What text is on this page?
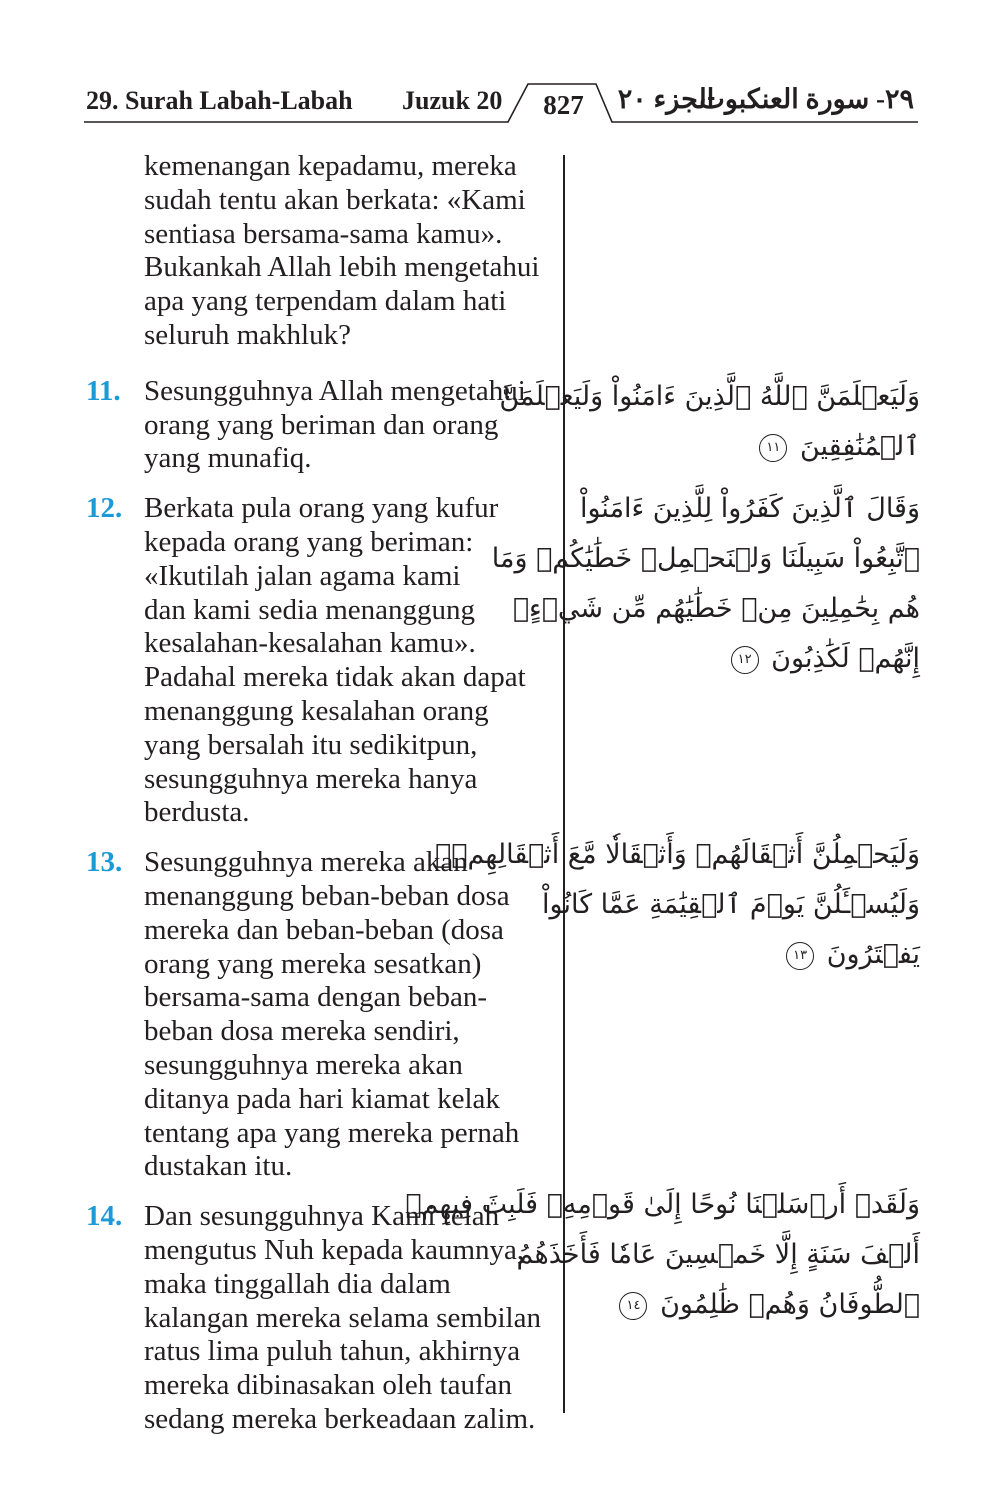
29. Surah Labah-Labah Juzuk 20	827	الجزء ٢٠
٢٩- سورة العنكبوت
kemenangan kepadamu, mereka
sudah tentu akan berkata: «Kami
sentiasa bersama-sama kamu».
Bukankah Allah lebih mengetahui
apa yang terpendam dalam hati
seluruh makhluk?
11. Sesungguhnya Allah mengetahui
orang yang beriman dan orang
yang munafiq.
12. Berkata pula orang yang kufur
kepada orang yang beriman:
«Ikutilah jalan agama kami
dan kami sedia menanggung
kesalahan-kesalahan kamu».
Padahal mereka tidak akan dapat
menanggung kesalahan orang
yang bersalah itu sedikitpun,
sesungguhnya mereka hanya
berdusta.
13. Sesungguhnya mereka akan
menanggung beban-beban dosa
mereka dan beban-beban (dosa
orang yang mereka sesatkan)
bersama-sama dengan beban-
beban dosa mereka sendiri,
sesungguhnya mereka akan
ditanya pada hari kiamat kelak
tentang apa yang mereka pernah
dustakan itu.
14. Dan sesungguhnya Kami telah
mengutus Nuh kepada kaumnya,
maka tinggallah dia dalam
kalangan mereka selama sembilan
ratus lima puluh tahun, akhirnya
mereka dibinasakan oleh taufan
sedang mereka berkeadaan zalim.
وَلَيَعۡلَمَنَّ ٱللَّهُ ٱلَّذِينَ ءَامَنُواْ وَلَيَعۡلَمَنَّ
ٱلۡمُنَٰفِقِينَ ١١
وَقَالَ ٱلَّذِينَ كَفَرُواْ لِلَّذِينَ ءَامَنُواْ
ٱتَّبِعُواْ سَبِيلَنَا وَلۡنَحۡمِلۡ خَطَٰيَٰكُمۡ وَمَا
هُم بِحَٰمِلِينَ مِنۡ خَطَٰيَٰهُم مِّن شَيۡءٍۖ
إِنَّهُمۡ لَكَٰذِبُونَ ١٢
وَلَيَحۡمِلُنَّ أَثۡقَالَهُمۡ وَأَثۡقَالٗا مَّعَ أَثۡقَالِهِمۡۖ
وَلَيُسۡـَٔلُنَّ يَوۡمَ ٱلۡقِيَٰمَةِ عَمَّا كَانُواْ
يَفۡتَرُونَ ١٣
وَلَقَدۡ أَرۡسَلۡنَا نُوحًا إِلَىٰ قَوۡمِهِۦ فَلَبِثَ فِيهِمۡ
أَلۡفَ سَنَةٍ إِلَّا خَمۡسِينَ عَامٗا فَأَخَذَهُمُ
ٱلطُّوفَانُ وَهُمۡ ظَٰلِمُونَ ١٤
